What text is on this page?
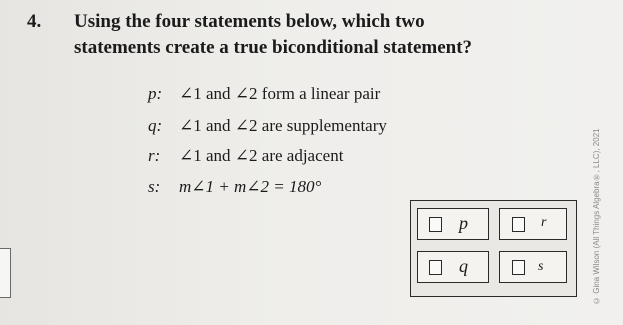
4. Using the four statements below, which two
statements create a true biconditional statement?
p: ∠1 and ∠2 form a linear pair
q: ∠1 and ∠2 are supplementary
r: ∠1 and ∠2 are adjacent
s: m∠1 + m∠2 = 180°
p	r
q	s	© Gina Wilson (All Things Algebra®, LLC), 2021
